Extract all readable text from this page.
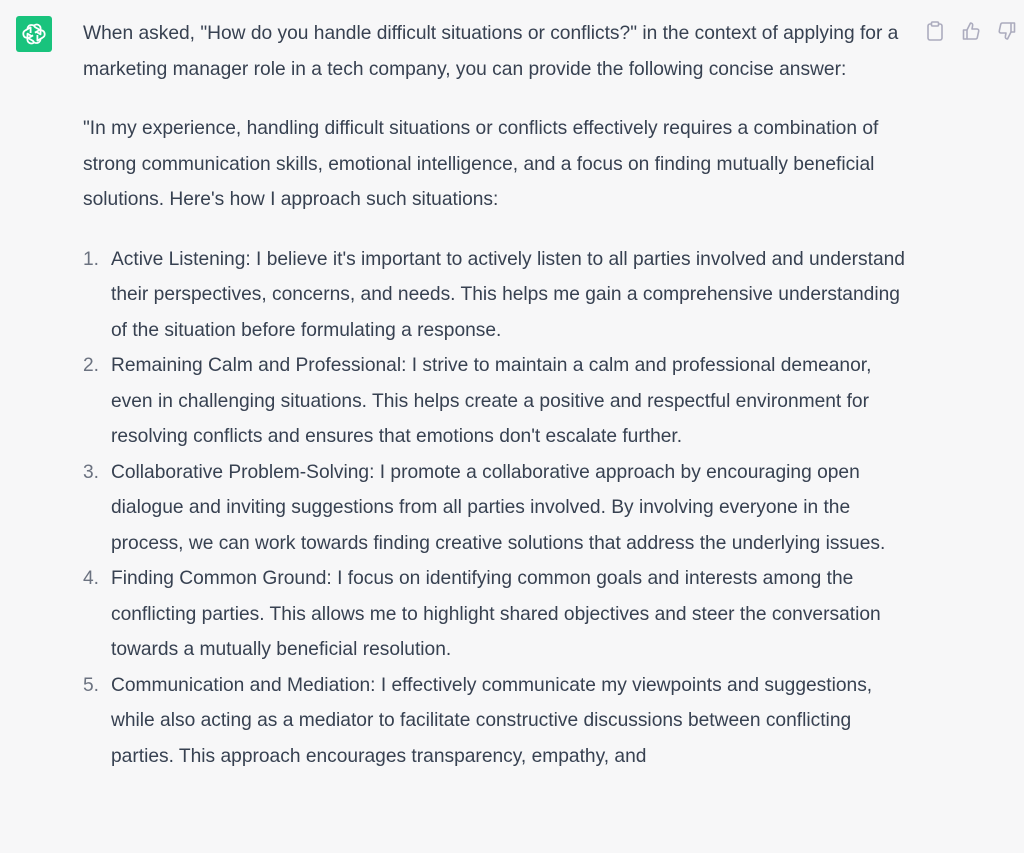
When asked, "How do you handle difficult situations or conflicts?" in the context of applying for a marketing manager role in a tech company, you can provide the following concise answer:

"In my experience, handling difficult situations or conflicts effectively requires a combination of strong communication skills, emotional intelligence, and a focus on finding mutually beneficial solutions. Here's how I approach such situations:

1. Active Listening: I believe it's important to actively listen to all parties involved and understand their perspectives, concerns, and needs. This helps me gain a comprehensive understanding of the situation before formulating a response.
2. Remaining Calm and Professional: I strive to maintain a calm and professional demeanor, even in challenging situations. This helps create a positive and respectful environment for resolving conflicts and ensures that emotions don't escalate further.
3. Collaborative Problem-Solving: I promote a collaborative approach by encouraging open dialogue and inviting suggestions from all parties involved. By involving everyone in the process, we can work towards finding creative solutions that address the underlying issues.
4. Finding Common Ground: I focus on identifying common goals and interests among the conflicting parties. This allows me to highlight shared objectives and steer the conversation towards a mutually beneficial resolution.
5. Communication and Mediation: I effectively communicate my viewpoints and suggestions, while also acting as a mediator to facilitate constructive discussions between conflicting parties. This approach encourages transparency, empathy, and
